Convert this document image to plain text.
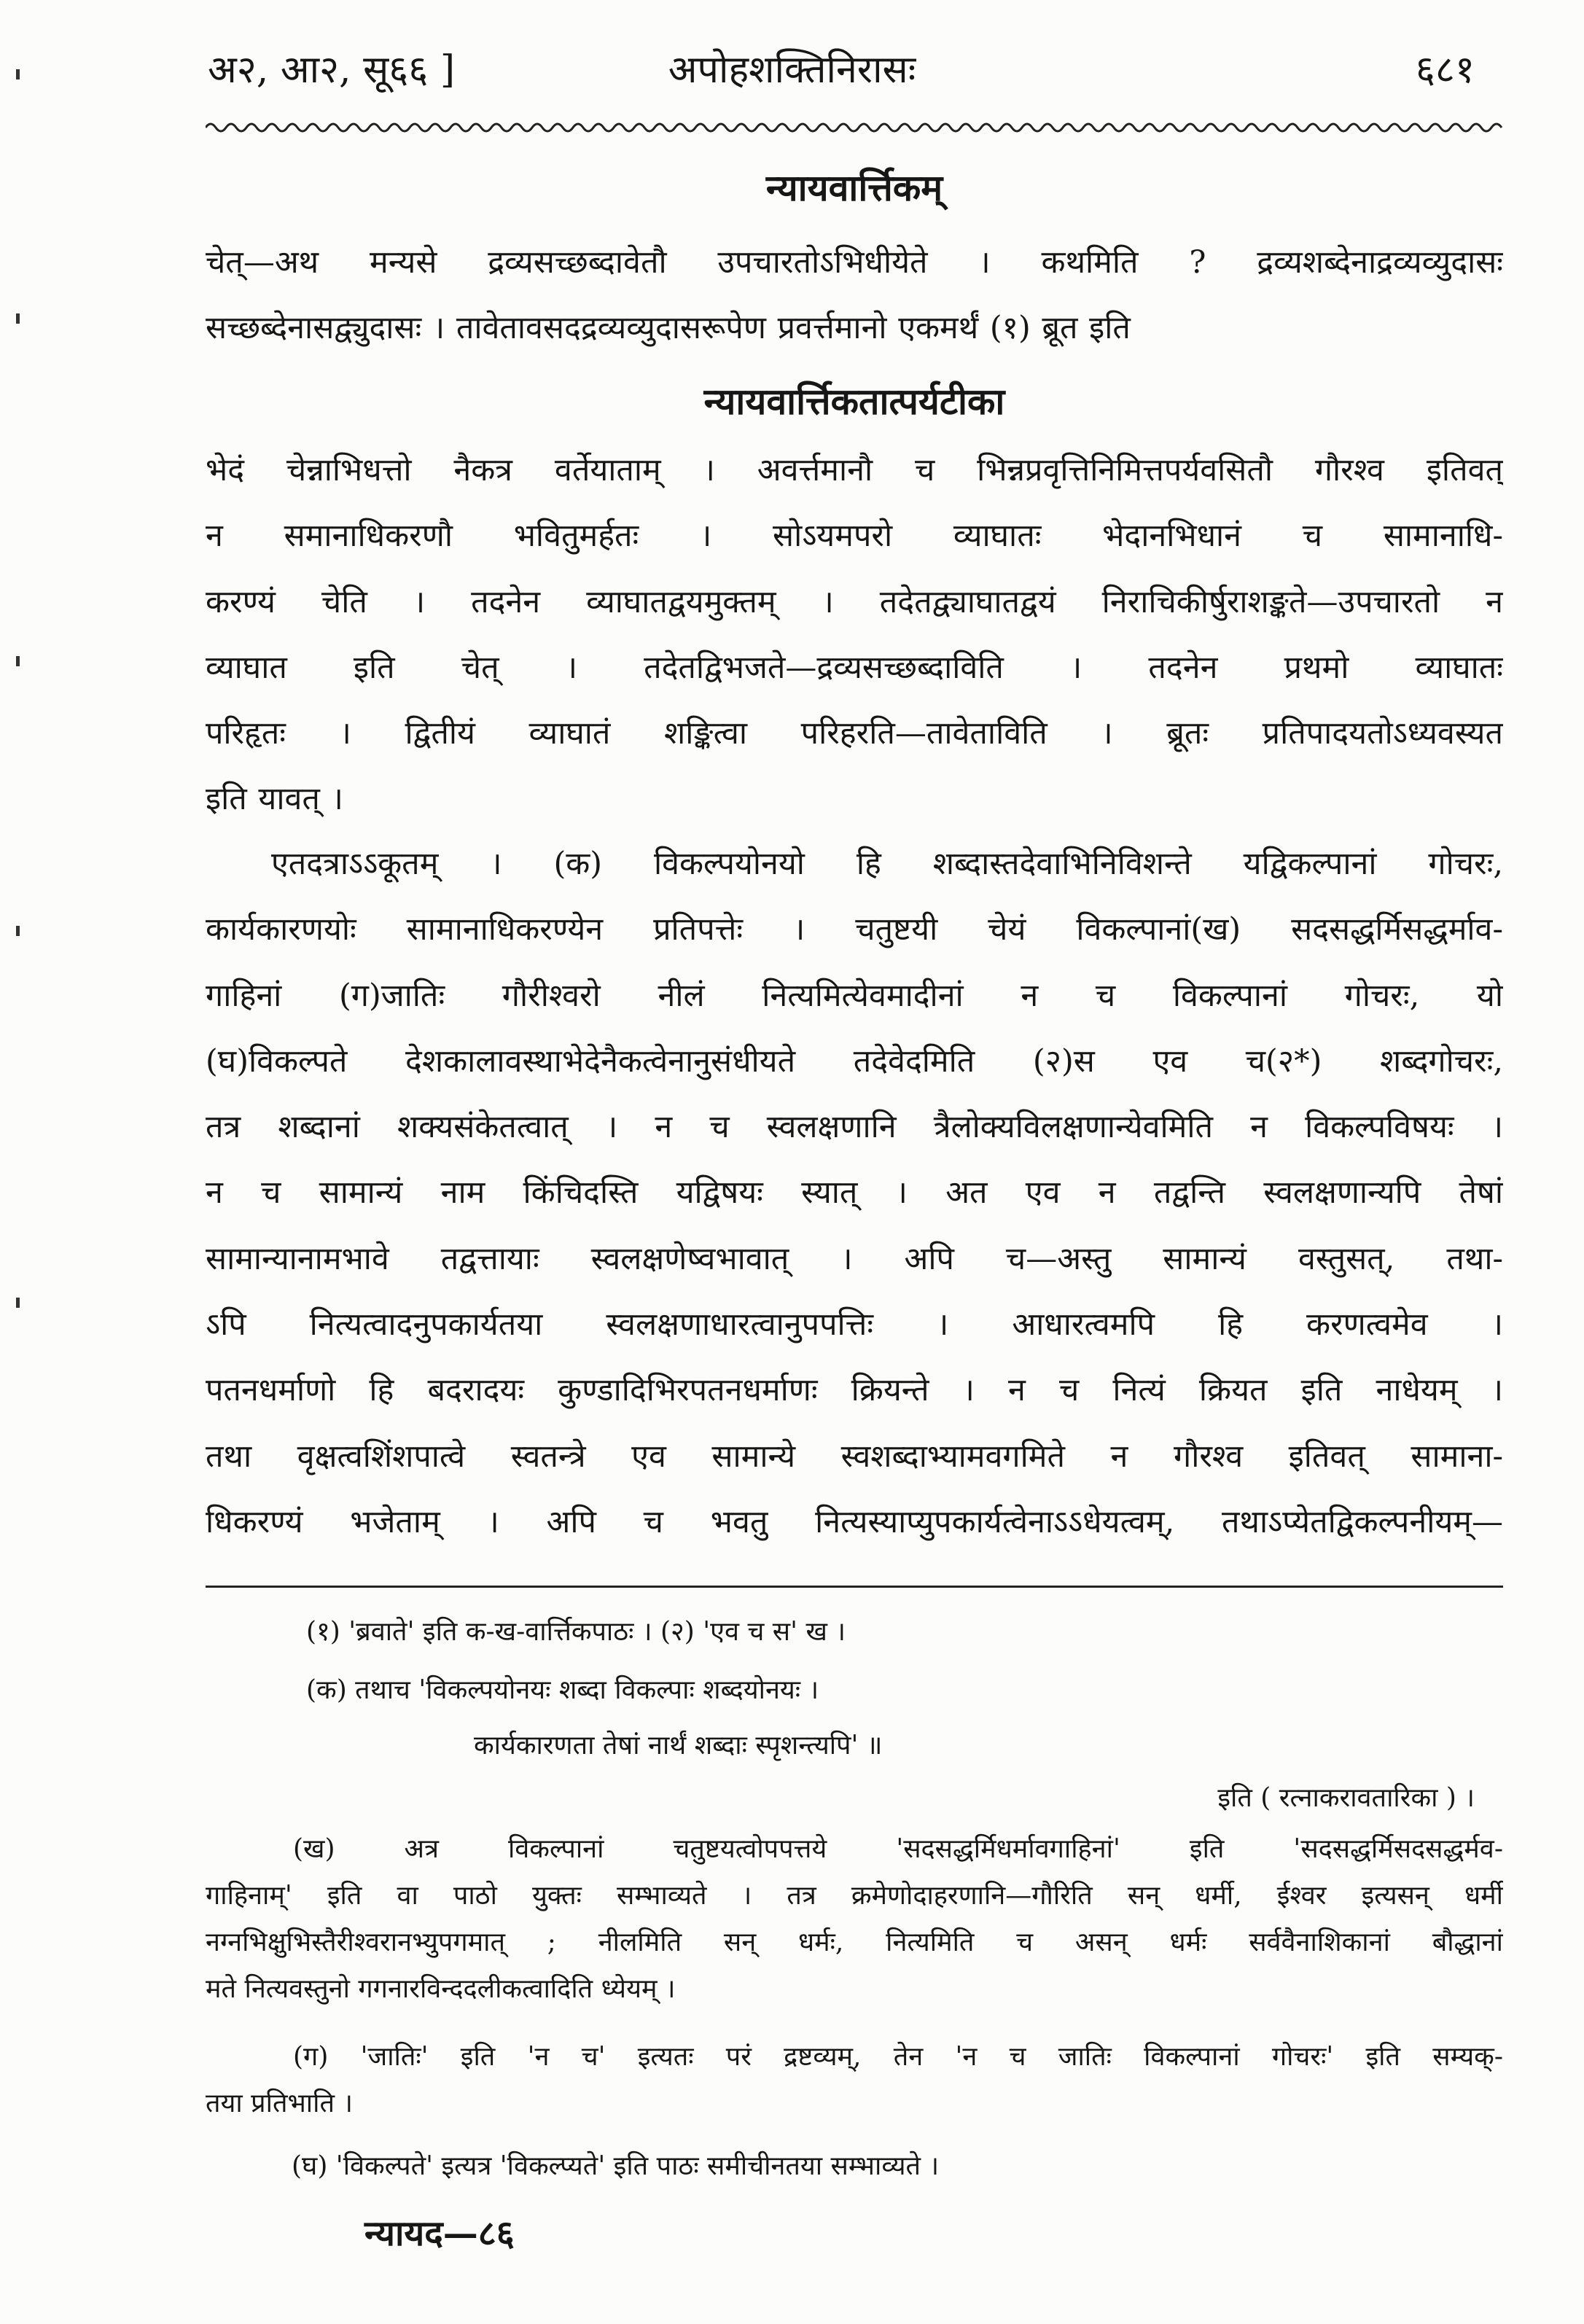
अ२, आ२, सू६६ ]	अपोहशक्तिनिरासः	६८१
न्यायवार्त्तिकम्
चेत्—अथ मन्यसे द्रव्यसच्छब्दावेतौ उपचारतोऽभिधीयेते । कथमिति ? द्रव्यशब्देनाद्रव्यव्युदासः
सच्छब्देनासद्व्युदासः । तावेतावसदद्रव्यव्युदासरूपेण प्रवर्त्तमानो एकमर्थं (१) ब्रूत इति
न्यायवार्त्तिकतात्पर्यटीका
भेदं चेन्नाभिधत्तो नैकत्र वर्तेयाताम् । अवर्त्तमानौ च भिन्नप्रवृत्तिनिमित्तपर्यवसितौ गौरश्व इतिवत्
न समानाधिकरणौ भवितुमर्हतः । सोऽयमपरो व्याघातः भेदानभिधानं च सामानाधि-
करण्यं चेति । तदनेन व्याघातद्वयमुक्तम् । तदेतद्व्याघातद्वयं निराचिकीर्षुराशङ्कते—उपचारतो न
व्याघात इति चेत् । तदेतद्विभजते—द्रव्यसच्छब्दाविति । तदनेन प्रथमो व्याघातः
परिहृतः । द्वितीयं व्याघातं शङ्कित्वा परिहरति—तावेताविति । ब्रूतः प्रतिपादयतोऽध्यवस्यत
इति यावत् ।
एतदत्राऽऽकूतम् । (क) विकल्पयोनयो हि शब्दास्तदेवाभिनिविशन्ते यद्विकल्पानां गोचरः,
कार्यकारणयोः सामानाधिकरण्येन प्रतिपत्तेः । चतुष्टयी चेयं विकल्पानां(ख) सदसद्धर्मिसद्धर्माव-
गाहिनां (ग)जातिः गौरीश्वरो नीलं नित्यमित्येवमादीनां न च विकल्पानां गोचरः, यो
(घ)विकल्पते देशकालावस्थाभेदेनैकत्वेनानुसंधीयते तदेवेदमिति (२)स एव च(२*) शब्दगोचरः,
तत्र शब्दानां शक्यसंकेतत्वात् । न च स्वलक्षणानि त्रैलोक्यविलक्षणान्येवमिति न विकल्पविषयः ।
न च सामान्यं नाम किंचिदस्ति यद्विषयः स्यात् । अत एव न तद्वन्ति स्वलक्षणान्यपि तेषां
सामान्यानामभावे तद्वत्तायाः स्वलक्षणेष्वभावात् । अपि च—अस्तु सामान्यं वस्तुसत्, तथा-
ऽपि नित्यत्वादनुपकार्यतया स्वलक्षणाधारत्वानुपपत्तिः । आधारत्वमपि हि करणत्वमेव ।
पतनधर्माणो हि बदरादयः कुण्डादिभिरपतनधर्माणः क्रियन्ते । न च नित्यं क्रियत इति नाधेयम् ।
तथा वृक्षत्वशिंशपात्वे स्वतन्त्रे एव सामान्ये स्वशब्दाभ्यामवगमिते न गौरश्व इतिवत् सामाना-
धिकरण्यं भजेताम् । अपि च भवतु नित्यस्याप्युपकार्यत्वेनाऽऽधेयत्वम्, तथाऽप्येतद्विकल्पनीयम्—
(१) 'ब्रवाते' इति क-ख-वार्त्तिकपाठः । (२) 'एव च स' ख ।
(क) तथाच 'विकल्पयोनयः शब्दा विकल्पाः शब्दयोनयः ।
कार्यकारणता तेषां नार्थं शब्दाः स्पृशन्त्यपि' ॥
इति ( रत्नाकरावतारिका ) ।
(ख) अत्र विकल्पानां चतुष्टयत्वोपपत्तये 'सदसद्धर्मिधर्मावगाहिनां' इति 'सदसद्धर्मिसदसद्धर्मव-
गाहिनाम्' इति वा पाठो युक्तः सम्भाव्यते । तत्र क्रमेणोदाहरणानि—गौरिति सन् धर्मी, ईश्वर इत्यसन् धर्मी
नग्नभिक्षुभिस्तैरीश्वरानभ्युपगमात् ; नीलमिति सन् धर्मः, नित्यमिति च असन् धर्मः सर्ववैनाशिकानां बौद्धानां
मते नित्यवस्तुनो गगनारविन्ददलीकत्वादिति ध्येयम् ।
(ग) 'जातिः' इति 'न च' इत्यतः परं द्रष्टव्यम्, तेन 'न च जातिः विकल्पानां गोचरः' इति सम्यक्-
तया प्रतिभाति ।
(घ) 'विकल्पते' इत्यत्र 'विकल्प्यते' इति पाठः समीचीनतया सम्भाव्यते ।
न्यायद—८६
